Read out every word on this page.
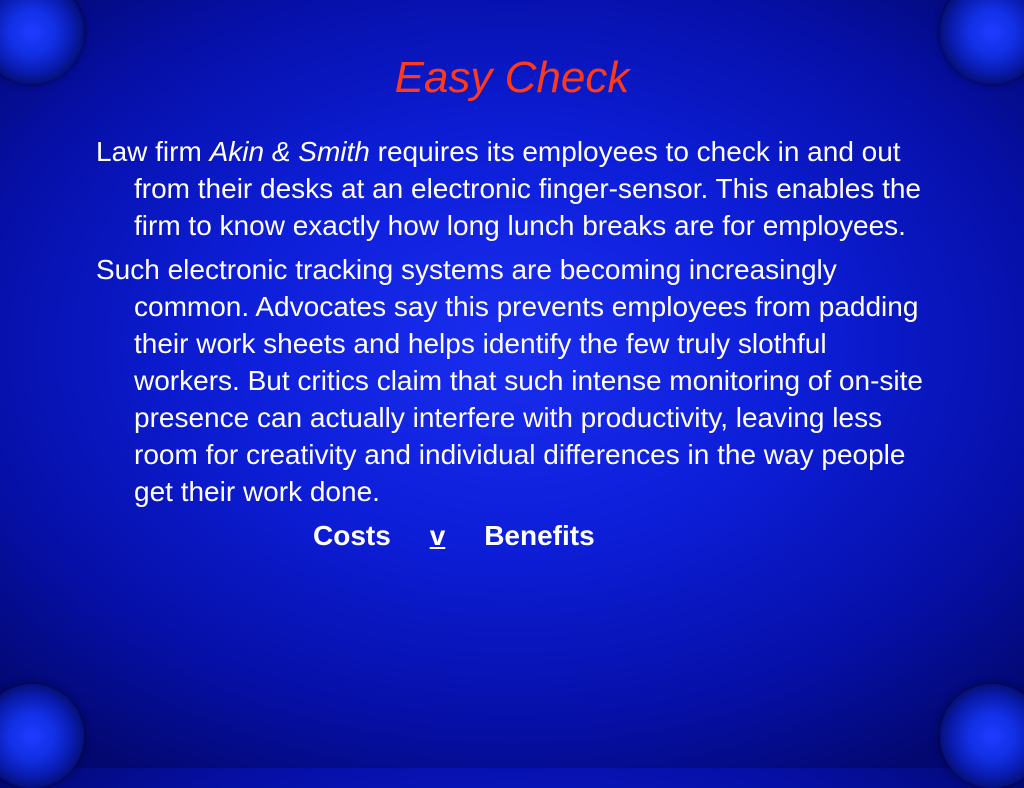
Easy Check

Law firm Akin & Smith requires its employees to check in and out from their desks at an electronic finger-sensor. This enables the firm to know exactly how long lunch breaks are for employees.

Such electronic tracking systems are becoming increasingly common. Advocates say this prevents employees from padding their work sheets and helps identify the few truly slothful workers. But critics claim that such intense monitoring of on-site presence can actually interfere with productivity, leaving less room for creativity and individual differences in the way people get their work done.

Costs v Benefits
